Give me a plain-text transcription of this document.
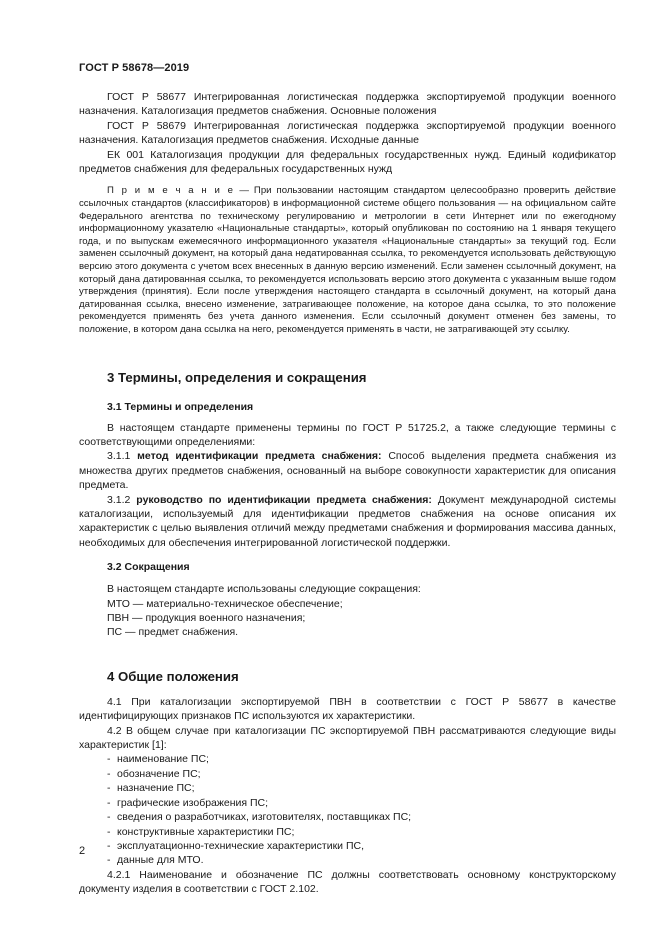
ГОСТ Р 58678—2019

ГОСТ Р 58677 Интегрированная логистическая поддержка экспортируемой продукции военного назначения. Каталогизация предметов снабжения. Основные положения

ГОСТ Р 58679 Интегрированная логистическая поддержка экспортируемой продукции военного назначения. Каталогизация предметов снабжения. Исходные данные

ЕК 001 Каталогизация продукции для федеральных государственных нужд. Единый кодификатор предметов снабжения для федеральных государственных нужд

П р и м е ч а н и е — При пользовании настоящим стандартом целесообразно проверить действие ссылочных стандартов (классификаторов) в информационной системе общего пользования — на официальном сайте Федерального агентства по техническому регулированию и метрологии в сети Интернет или по ежегодному информационному указателю «Национальные стандарты», который опубликован по состоянию на 1 января текущего года, и по выпускам ежемесячного информационного указателя «Национальные стандарты» за текущий год. Если заменен ссылочный документ, на который дана недатированная ссылка, то рекомендуется использовать действующую версию этого документа с учетом всех внесенных в данную версию изменений. Если заменен ссылочный документ, на который дана датированная ссылка, то рекомендуется использовать версию этого документа с указанным выше годом утверждения (принятия). Если после утверждения настоящего стандарта в ссылочный документ, на который дана датированная ссылка, внесено изменение, затрагивающее положение, на которое дана ссылка, то это положение рекомендуется применять без учета данного изменения. Если ссылочный документ отменен без замены, то положение, в котором дана ссылка на него, рекомендуется применять в части, не затрагивающей эту ссылку.

3 Термины, определения и сокращения
3.1 Термины и определения

В настоящем стандарте применены термины по ГОСТ Р 51725.2, а также следующие термины с соответствующими определениями:

3.1.1 метод идентификации предмета снабжения: Способ выделения предмета снабжения из множества других предметов снабжения, основанный на выборе совокупности характеристик для описания предмета.

3.1.2 руководство по идентификации предмета снабжения: Документ международной системы каталогизации, используемый для идентификации предметов снабжения на основе описания их характеристик с целью выявления отличий между предметами снабжения и формирования массива данных, необходимых для обеспечения интегрированной логистической поддержки.

3.2 Сокращения

В настоящем стандарте использованы следующие сокращения:

МТО — материально-техническое обеспечение;

ПВН — продукция военного назначения;

ПС — предмет снабжения.

4 Общие положения

4.1 При каталогизации экспортируемой ПВН в соответствии с ГОСТ Р 58677 в качестве идентифицирующих признаков ПС используются их характеристики.

4.2 В общем случае при каталогизации ПС экспортируемой ПВН рассматриваются следующие виды характеристик [1]:

- наименование ПС;
- обозначение ПС;
- назначение ПС;
- графические изображения ПС;
- сведения о разработчиках, изготовителях, поставщиках ПС;
- конструктивные характеристики ПС;
- эксплуатационно-технические характеристики ПС,
- данные для МТО.

4.2.1 Наименование и обозначение ПС должны соответствовать основному конструкторскому документу изделия в соответствии с ГОСТ 2.102.

2
